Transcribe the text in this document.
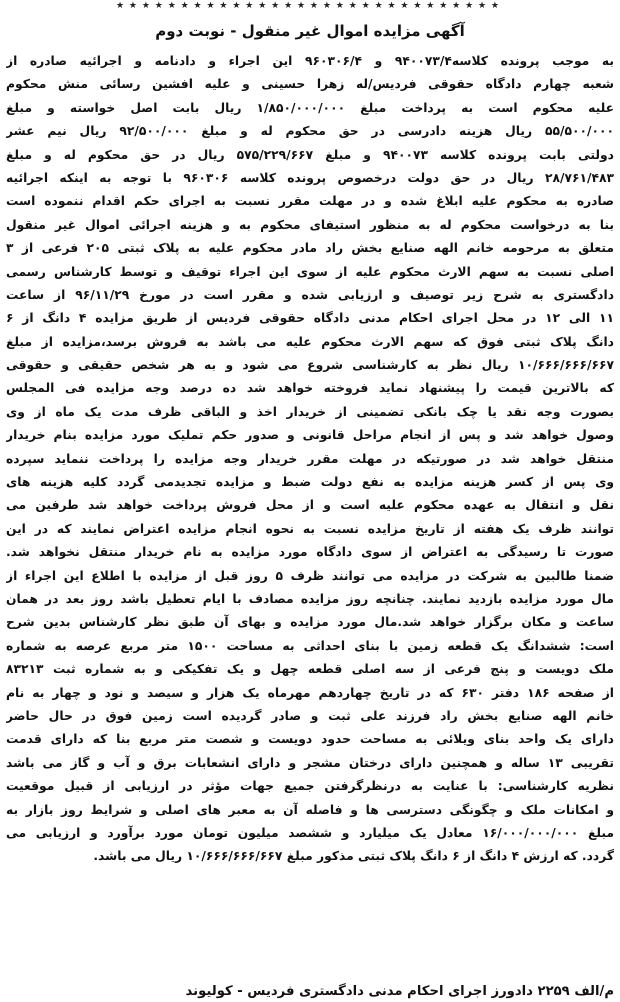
★ ★ ★ ★ ★ ★ ★ ★ ★ ★ ★ ★ ★ ★ ★ ★ ★ ★ ★ ★ ★ ★ ★ ★ ★ ★ ★ ★ ★ ★
آگهی مزایده اموال غیر منقول - نوبت دوم
به موجب پرونده کلاسه۹۴۰۰۷۳/۴ و ۹۶۰۳۰۶/۴ این اجراء و دادنامه و اجرائیه صادره از
شعبه چهارم دادگاه حقوقی فردیس/له زهرا حسینی و علیه افشین رسائی منش محکوم
علیه محکوم است به پرداخت مبلغ ۱/۸۵۰/۰۰۰/۰۰۰ ریال بابت اصل خواسته و مبلغ
۵۵/۵۰۰/۰۰۰ ریال هزینه دادرسی در حق محکوم له و مبلغ ۹۲/۵۰۰/۰۰۰ ریال نیم عشر
دولتی بابت پرونده کلاسه ۹۴۰۰۷۳ و مبلغ ۵۷۵/۲۲۹/۶۶۷ ریال در حق محکوم له و مبلغ
۲۸/۷۶۱/۴۸۳ ریال در حق دولت درخصوص پرونده کلاسه ۹۶۰۳۰۶ با توجه به اینکه اجرائیه
صادره به محکوم علیه ابلاغ شده و در مهلت مقرر نسبت به اجرای حکم اقدام ننموده است
بنا به درخواست محکوم له به منظور استیفای محکوم به و هزینه اجرائی اموال غیر منقول
متعلق به مرحومه خانم الهه صنایع بخش راد مادر محکوم علیه به پلاک ثبتی ۲۰۵ فرعی از ۳
اصلی نسبت به سهم الارث محکوم علیه از سوی این اجراء توقیف و توسط کارشناس رسمی
دادگستری به شرح زیر توصیف و ارزیابی شده و مقرر است در مورخ ۹۶/۱۱/۲۹ از ساعت
۱۱ الی ۱۲ در محل اجرای احکام مدنی دادگاه حقوقی فردیس از طریق مزایده ۴ دانگ از ۶
دانگ پلاک ثبتی فوق که سهم الارث محکوم علیه می باشد به فروش برسد،مزایده از مبلغ
۱۰/۶۶۶/۶۶۶/۶۶۷ ریال نظر به کارشناسی شروع می شود و به هر شخص حقیقی و حقوقی
که بالاترین قیمت را پیشنهاد نماید فروخته خواهد شد ده درصد وجه مزایده فی المجلس
بصورت وجه نقد یا چک بانکی تضمینی از خریدار اخذ و الباقی ظرف مدت یک ماه از وی
وصول خواهد شد و پس از انجام مراحل قانونی و صدور حکم تملیک مورد مزایده بنام خریدار
منتقل خواهد شد در صورتیکه در مهلت مقرر خریدار وجه مزایده را پرداخت ننماید سپرده
وی پس از کسر هزینه مزایده به نفع دولت ضبط و مزایده تجدیدمی گردد کلیه هزینه های
نقل و انتقال به عهده محکوم علیه است و از محل فروش پرداخت خواهد شد طرفین می
توانند ظرف یک هفته از تاریخ مزایده نسبت به نحوه انجام مزایده اعتراض نمایند که در این
صورت تا رسیدگی به اعتراض از سوی دادگاه مورد مزایده به نام خریدار منتقل نخواهد شد.
ضمنا طالبین به شرکت در مزایده می توانند ظرف ۵ روز قبل از مزایده با اطلاع این اجراء از
مال مورد مزایده بازدید نمایند. چنانچه روز مزایده مصادف با ایام تعطیل باشد روز بعد در همان
ساعت و مکان برگزار خواهد شد.مال مورد مزایده و بهای آن طبق نظر کارشناس بدین شرح
است: ششدانگ یک قطعه زمین با بنای احداثی به مساحت ۱۵۰۰ متر مربع عرصه به شماره
ملک دویست و پنج فرعی از سه اصلی قطعه چهل و یک تفکیکی و به شماره ثبت ۸۳۲۱۳
از صفحه ۱۸۶ دفتر ۶۳۰ که در تاریخ چهاردهم مهرماه یک هزار و سیصد و نود و چهار به نام
خانم الهه صنایع بخش راد فرزند علی ثبت و صادر گردیده است زمین فوق در حال حاضر
دارای یک واحد بنای ویلائی به مساحت حدود دویست و شصت متر مربع بنا که دارای قدمت
تقریبی ۱۳ ساله و همچنین دارای درختان مشجر و دارای انشعابات برق و آب و گاز می باشد
نظریه کارشناسی: با عنایت به درنظرگرفتن جمیع جهات مؤثر در ارزیابی از قبیل موقعیت
و امکانات ملک و چگونگی دسترسی ها و فاصله آن به معبر های اصلی و شرایط روز بازار به
مبلغ ۱۶/۰۰۰/۰۰۰/۰۰۰ معادل یک میلیارد و ششصد میلیون تومان مورد برآورد و ارزیابی می
گردد. که ارزش ۴ دانگ از ۶ دانگ پلاک ثبتی مذکور مبلغ ۱۰/۶۶۶/۶۶۶/۶۶۷ ریال می باشد.
م/الف ۲۲۵۹ دادورز اجرای احکام مدنی دادگستری فردیس - کولیوند
